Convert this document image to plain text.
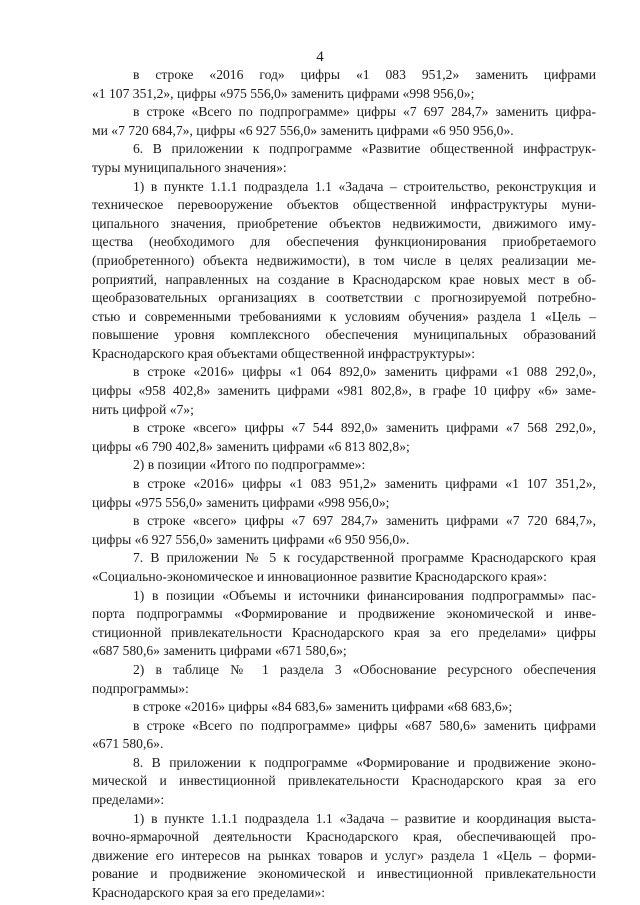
4
в строке «2016 год» цифры «1 083 951,2» заменить цифрами
«1 107 351,2», цифры «975 556,0» заменить цифрами «998 956,0»;
в строке «Всего по подпрограмме» цифры «7 697 284,7» заменить цифра-
ми «7 720 684,7», цифры «6 927 556,0» заменить цифрами «6 950 956,0».
6. В приложении к подпрограмме «Развитие общественной инфраструк-
туры муниципального значения»:
1) в пункте 1.1.1 подраздела 1.1 «Задача – строительство, реконструкция и
техническое перевооружение объектов общественной инфраструктуры муни-
ципального значения, приобретение объектов недвижимости, движимого иму-
щества (необходимого для обеспечения функционирования приобретаемого
(приобретенного) объекта недвижимости), в том числе в целях реализации ме-
роприятий, направленных на создание в Краснодарском крае новых мест в об-
щеобразовательных организациях в соответствии с прогнозируемой потребно-
стью и современными требованиями к условиям обучения» раздела 1 «Цель –
повышение уровня комплексного обеспечения муниципальных образований
Краснодарского края объектами общественной инфраструктуры»:
в строке «2016» цифры «1 064 892,0» заменить цифрами «1 088 292,0»,
цифры «958 402,8» заменить цифрами «981 802,8», в графе 10 цифру «6» заме-
нить цифрой «7»;
в строке «всего» цифры «7 544 892,0» заменить цифрами «7 568 292,0»,
цифры «6 790 402,8» заменить цифрами «6 813 802,8»;
2) в позиции «Итого по подпрограмме»:
в строке «2016» цифры «1 083 951,2» заменить цифрами «1 107 351,2»,
цифры «975 556,0» заменить цифрами «998 956,0»;
в строке «всего» цифры «7 697 284,7» заменить цифрами «7 720 684,7»,
цифры «6 927 556,0» заменить цифрами «6 950 956,0».
7. В приложении № 5 к государственной программе Краснодарского края
«Социально-экономическое и инновационное развитие Краснодарского края»:
1) в позиции «Объемы и источники финансирования подпрограммы» пас-
порта подпрограммы «Формирование и продвижение экономической и инве-
стиционной привлекательности Краснодарского края за его пределами» цифры
«687 580,6» заменить цифрами «671 580,6»;
2) в таблице № 1 раздела 3 «Обоснование ресурсного обеспечения
подпрограммы»:
в строке «2016» цифры «84 683,6» заменить цифрами «68 683,6»;
в строке «Всего по подпрограмме» цифры «687 580,6» заменить цифрами
«671 580,6».
8. В приложении к подпрограмме «Формирование и продвижение эконо-
мической и инвестиционной привлекательности Краснодарского края за его
пределами»:
1) в пункте 1.1.1 подраздела 1.1 «Задача – развитие и координация выста-
вочно-ярмарочной деятельности Краснодарского края, обеспечивающей про-
движение его интересов на рынках товаров и услуг» раздела 1 «Цель – форми-
рование и продвижение экономической и инвестиционной привлекательности
Краснодарского края за его пределами»:
